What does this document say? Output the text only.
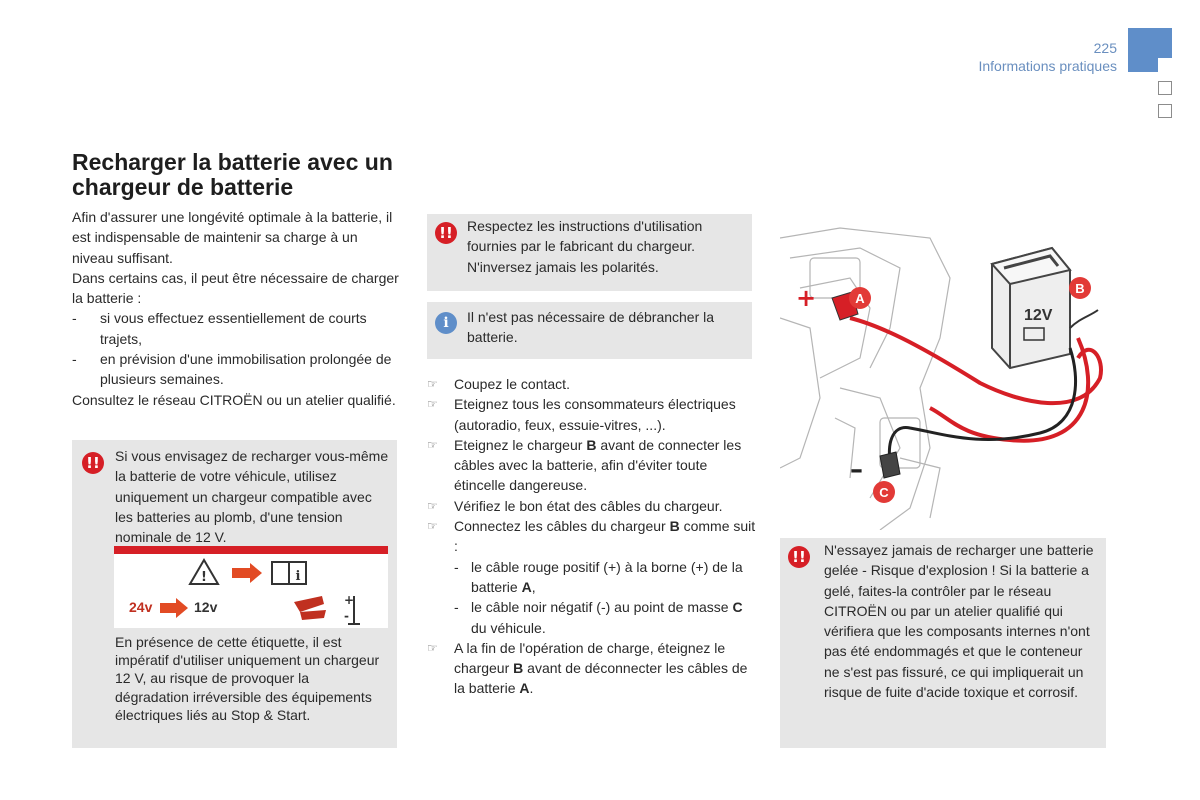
225
Informations pratiques
Recharger la batterie avec un chargeur de batterie
Afin d'assurer une longévité optimale à la batterie, il est indispensable de maintenir sa charge à un niveau suffisant.
Dans certains cas, il peut être nécessaire de charger la batterie :
- si vous effectuez essentiellement de courts trajets,
- en prévision d'une immobilisation prolongée de plusieurs semaines.
Consultez le réseau CITROËN ou un atelier qualifié.
!! Si vous envisagez de recharger vous-même la batterie de votre véhicule, utilisez uniquement un chargeur compatible avec les batteries au plomb, d'une tension nominale de 12 V.
!	i
24v	12v	+
-
En présence de cette étiquette, il est impératif d'utiliser uniquement un chargeur 12 V, au risque de provoquer la dégradation irréversible des équipements électriques liés au Stop & Start.
!! Respectez les instructions d'utilisation fournies par le fabricant du chargeur. N'inversez jamais les polarités.
i	Il n'est pas nécessaire de débrancher la batterie.
☞ Coupez le contact.
☞ Eteignez tous les consommateurs électriques (autoradio, feux, essuie-vitres, ...).
☞ Eteignez le chargeur B avant de connecter les câbles avec la batterie, afin d'éviter toute étincelle dangereuse.
☞ Vérifiez le bon état des câbles du chargeur.
☞ Connectez les câbles du chargeur B comme suit :
- le câble rouge positif (+) à la borne (+) de la batterie A,
- le câble noir négatif (-) au point de masse C du véhicule.
☞ A la fin de l'opération de charge, éteignez le chargeur B avant de déconnecter les câbles de la batterie A.
12V
+
–
A
B
C
!! N'essayez jamais de recharger une batterie gelée - Risque d'explosion ! Si la batterie a gelé, faites-la contrôler par le réseau CITROËN ou par un atelier qualifié qui vérifiera que les composants internes n'ont pas été endommagés et que le conteneur ne s'est pas fissuré, ce qui impliquerait un risque de fuite d'acide toxique et corrosif.
